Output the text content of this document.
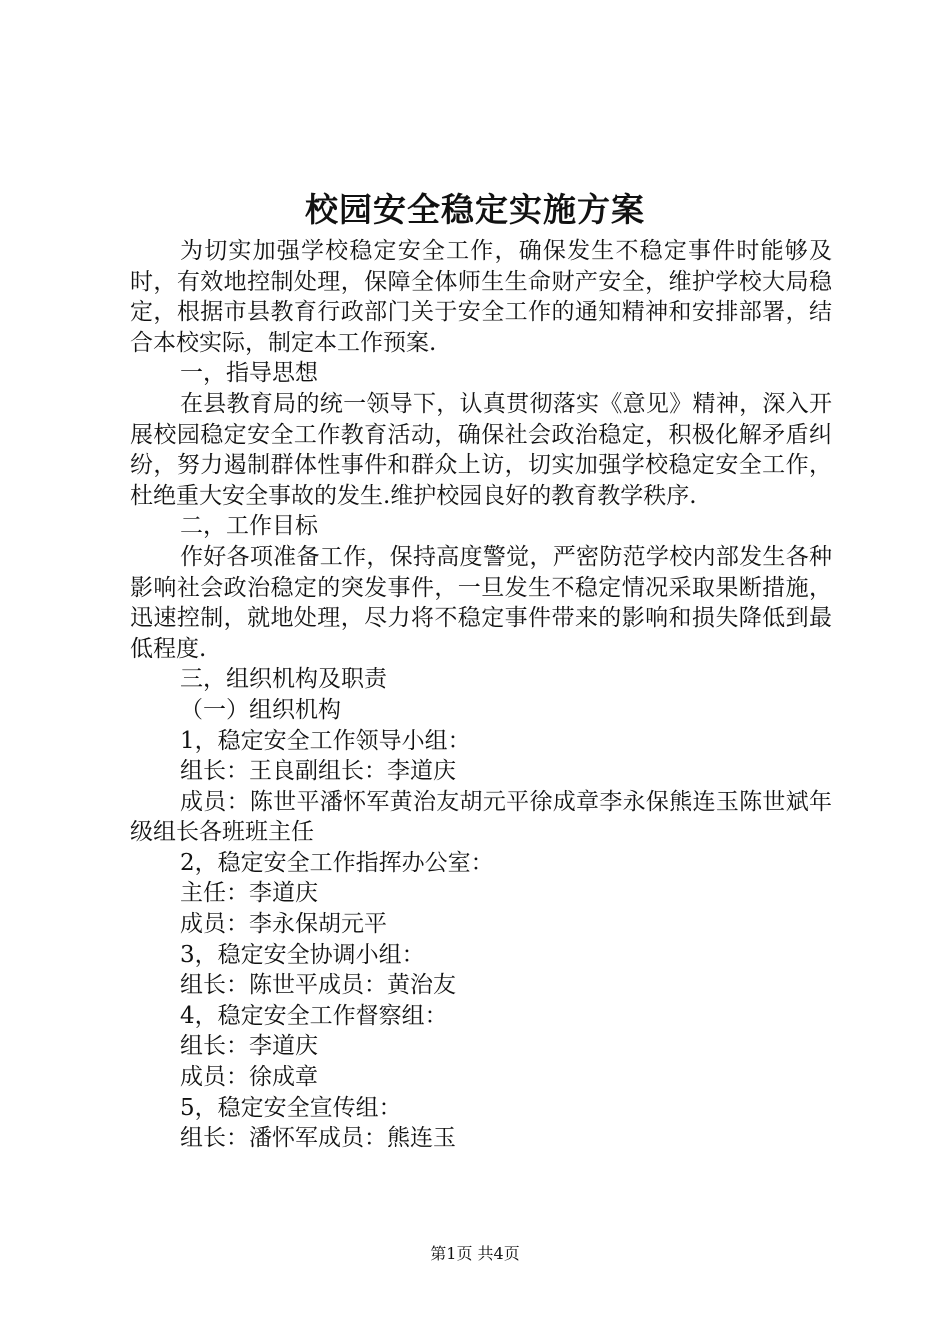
校园安全稳定实施方案

为切实加强学校稳定安全工作，确保发生不稳定事件时能够及时，有效地控制处理，保障全体师生生命财产安全，维护学校大局稳定，根据市县教育行政部门关于安全工作的通知精神和安排部署，结合本校实际，制定本工作预案.

一，指导思想

在县教育局的统一领导下，认真贯彻落实《意见》精神，深入开展校园稳定安全工作教育活动，确保社会政治稳定，积极化解矛盾纠纷，努力遏制群体性事件和群众上访，切实加强学校稳定安全工作，杜绝重大安全事故的发生.维护校园良好的教育教学秩序.

二，工作目标

作好各项准备工作，保持高度警觉，严密防范学校内部发生各种影响社会政治稳定的突发事件，一旦发生不稳定情况采取果断措施，迅速控制，就地处理，尽力将不稳定事件带来的影响和损失降低到最低程度.

三，组织机构及职责

（一）组织机构

1，稳定安全工作领导小组：

组长：王良副组长：李道庆

成员：陈世平潘怀军黄治友胡元平徐成章李永保熊连玉陈世斌年级组长各班班主任

2，稳定安全工作指挥办公室：

主任：李道庆

成员：李永保胡元平

3，稳定安全协调小组：

组长：陈世平成员：黄治友

4，稳定安全工作督察组：

组长：李道庆

成员：徐成章

5，稳定安全宣传组：

组长：潘怀军成员：熊连玉

第1页 共4页
